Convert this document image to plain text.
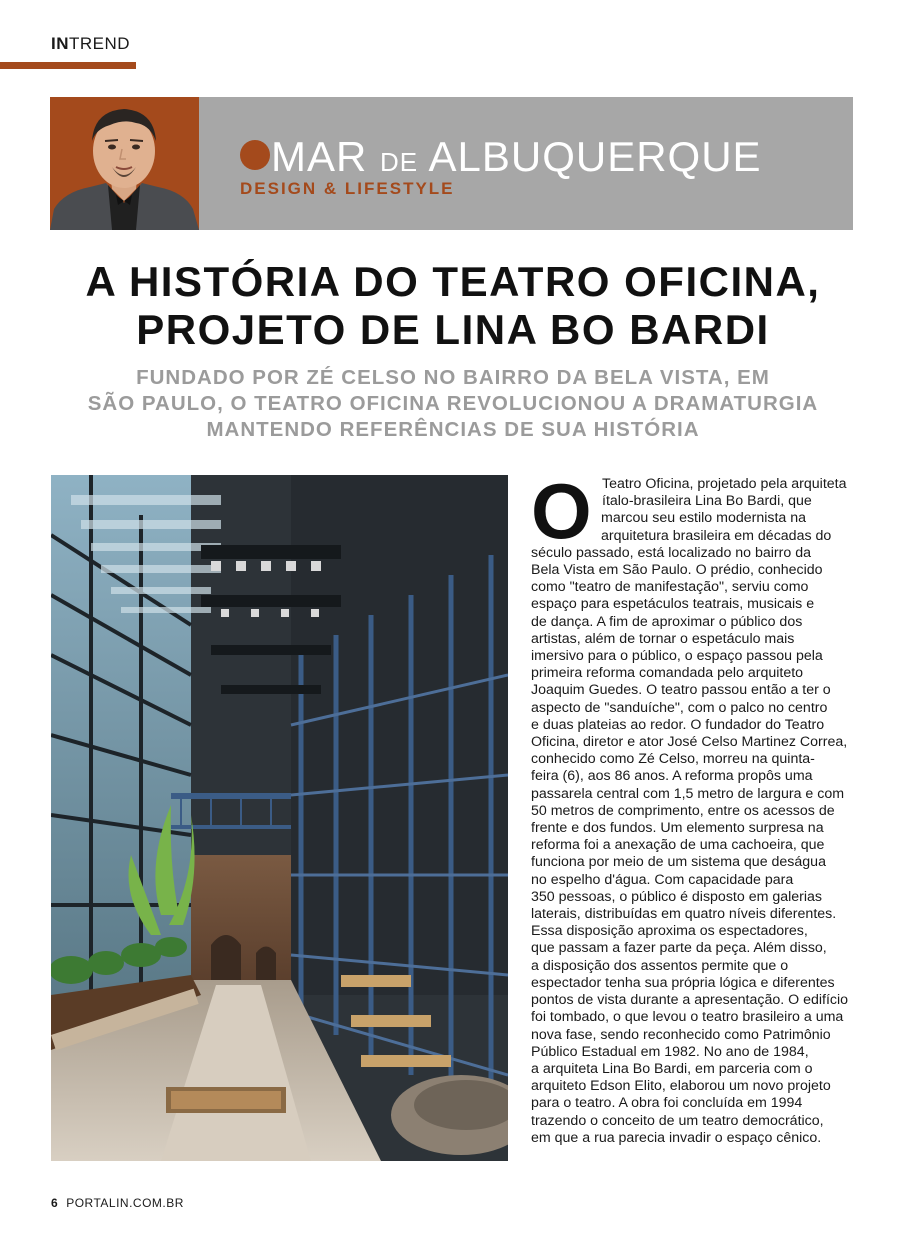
INTREND
MAR DE ALBUQUERQUE
DESIGN & LIFESTYLE
A HISTÓRIA DO TEATRO OFICINA,
PROJETO DE LINA BO BARDI
FUNDADO POR ZÉ CELSO NO BAIRRO DA BELA VISTA, EM
SÃO PAULO, O TEATRO OFICINA REVOLUCIONOU A DRAMATURGIA
MANTENDO REFERÊNCIAS DE SUA HISTÓRIA
O Teatro Oficina, projetado pela arquiteta
ítalo-brasileira Lina Bo Bardi, que
marcou seu estilo modernista na
arquitetura brasileira em décadas do
século passado, está localizado no bairro da
Bela Vista em São Paulo. O prédio, conhecido
como "teatro de manifestação", serviu como
espaço para espetáculos teatrais, musicais e
de dança. A fim de aproximar o público dos
artistas, além de tornar o espetáculo mais
imersivo para o público, o espaço passou pela
primeira reforma comandada pelo arquiteto
Joaquim Guedes. O teatro passou então a ter o
aspecto de "sanduíche", com o palco no centro
e duas plateias ao redor. O fundador do Teatro
Oficina, diretor e ator José Celso Martinez Correa,
conhecido como Zé Celso, morreu na quinta-
feira (6), aos 86 anos. A reforma propôs uma
passarela central com 1,5 metro de largura e com
50 metros de comprimento, entre os acessos de
frente e dos fundos. Um elemento surpresa na
reforma foi a anexação de uma cachoeira, que
funciona por meio de um sistema que deságua
no espelho d'água. Com capacidade para
350 pessoas, o público é disposto em galerias
laterais, distribuídas em quatro níveis diferentes.
Essa disposição aproxima os espectadores,
que passam a fazer parte da peça. Além disso,
a disposição dos assentos permite que o
espectador tenha sua própria lógica e diferentes
pontos de vista durante a apresentação. O edifício
foi tombado, o que levou o teatro brasileiro a uma
nova fase, sendo reconhecido como Patrimônio
Público Estadual em 1982. No ano de 1984,
a arquiteta Lina Bo Bardi, em parceria com o
arquiteto Edson Elito, elaborou um novo projeto
para o teatro. A obra foi concluída em 1994
trazendo o conceito de um teatro democrático,
em que a rua parecia invadir o espaço cênico.
6 PORTALIN.COM.BR
